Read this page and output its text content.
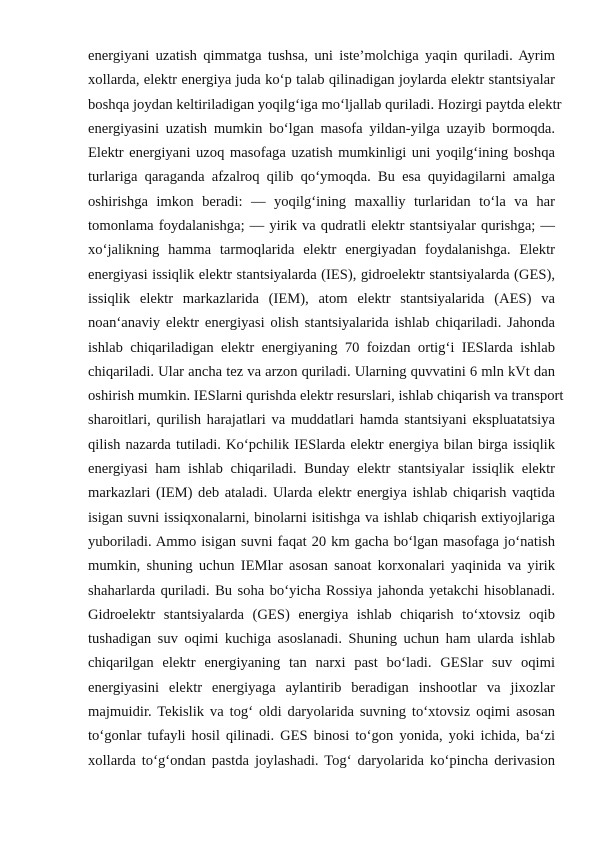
energiyani uzatish qimmatga tushsa, uni iste’molchiga yaqin quriladi. Ayrim
xollarda, elektr energiya juda ko‘p talab qilinadigan joylarda elektr stantsiyalar
boshqa joydan keltiriladigan yoqilg‘iga mo‘ljallab quriladi. Hozirgi paytda elektr
energiyasini uzatish mumkin bo‘lgan masofa yildan-yilga uzayib bormoqda.
Elektr energiyani uzoq masofaga uzatish mumkinligi uni yoqilg‘ining boshqa
turlariga qaraganda afzalroq qilib qo‘ymoqda. Bu esa quyidagilarni amalga
oshirishga imkon beradi: — yoqilg‘ining maxalliy turlaridan to‘la va har
tomonlama foydalanishga; — yirik va qudratli elektr stantsiyalar qurishga; —
xo‘jalikning hamma tarmoqlarida elektr energiyadan foydalanishga. Elektr
energiyasi issiqlik elektr stantsiyalarda (IES), gidroelektr stantsiyalarda (GES),
issiqlik elektr markazlarida (IEM), atom elektr stantsiyalarida (AES) va
noan‘anaviy elektr energiyasi olish stantsiyalarida ishlab chiqariladi. Jahonda
ishlab chiqariladigan elektr energiyaning 70 foizdan ortig‘i IESlarda ishlab
chiqariladi. Ular ancha tez va arzon quriladi. Ularning quvvatini 6 mln kVt dan
oshirish mumkin. IESlarni qurishda elektr resurslari, ishlab chiqarish va transport
sharoitlari, qurilish harajatlari va muddatlari hamda stantsiyani ekspluatatsiya
qilish nazarda tutiladi. Ko‘pchilik IESlarda elektr energiya bilan birga issiqlik
energiyasi ham ishlab chiqariladi. Bunday elektr stantsiyalar issiqlik elektr
markazlari (IEM) deb ataladi. Ularda elektr energiya ishlab chiqarish vaqtida
isigan suvni issiqxonalarni, binolarni isitishga va ishlab chiqarish extiyojlariga
yuboriladi. Ammo isigan suvni faqat 20 km gacha bo‘lgan masofaga jo‘natish
mumkin, shuning uchun IEMlar asosan sanoat korxonalari yaqinida va yirik
shaharlarda quriladi. Bu soha bo‘yicha Rossiya jahonda yetakchi hisoblanadi.
Gidroelektr stantsiyalarda (GES) energiya ishlab chiqarish to‘xtovsiz oqib
tushadigan suv oqimi kuchiga asoslanadi. Shuning uchun ham ularda ishlab
chiqarilgan elektr energiyaning tan narxi past bo‘ladi. GESlar suv oqimi
energiyasini elektr energiyaga aylantirib beradigan inshootlar va jixozlar
majmuidir. Tekislik va tog‘ oldi daryolarida suvning to‘xtovsiz oqimi asosan
to‘gonlar tufayli hosil qilinadi. GES binosi to‘gon yonida, yoki ichida, ba‘zi
xollarda to‘g‘ondan pastda joylashadi. Tog‘ daryolarida ko‘pincha derivasion
